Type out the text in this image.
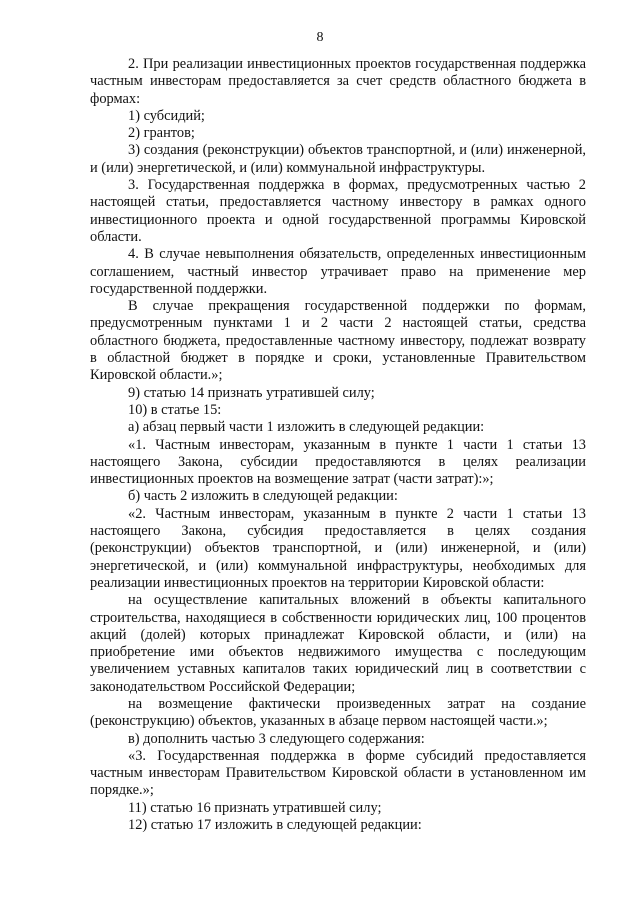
8

2. При реализации инвестиционных проектов государственная поддержка частным инвесторам предоставляется за счет средств областного бюджета в формах:

1) субсидий;

2) грантов;

3) создания (реконструкции) объектов транспортной, и (или) инженерной, и (или) энергетической, и (или) коммунальной инфраструктуры.

3. Государственная поддержка в формах, предусмотренных частью 2 настоящей статьи, предоставляется частному инвестору в рамках одного инвестиционного проекта и одной государственной программы Кировской области.

4. В случае невыполнения обязательств, определенных инвестиционным соглашением, частный инвестор утрачивает право на применение мер государственной поддержки.

В случае прекращения государственной поддержки по формам, предусмотренным пунктами 1 и 2 части 2 настоящей статьи, средства областного бюджета, предоставленные частному инвестору, подлежат возврату в областной бюджет в порядке и сроки, установленные Правительством Кировской области.»;

9) статью 14 признать утратившей силу;

10) в статье 15:

а) абзац первый части 1 изложить в следующей редакции:

«1. Частным инвесторам, указанным в пункте 1 части 1 статьи 13 настоящего Закона, субсидии предоставляются в целях реализации инвестиционных проектов на возмещение затрат (части затрат):»;

б) часть 2 изложить в следующей редакции:

«2. Частным инвесторам, указанным в пункте 2 части 1 статьи 13 настоящего Закона, субсидия предоставляется в целях создания (реконструкции) объектов транспортной, и (или) инженерной, и (или) энергетической, и (или) коммунальной инфраструктуры, необходимых для реализации инвестиционных проектов на территории Кировской области:

на осуществление капитальных вложений в объекты капитального строительства, находящиеся в собственности юридических лиц, 100 процентов акций (долей) которых принадлежат Кировской области, и (или) на приобретение ими объектов недвижимого имущества с последующим увеличением уставных капиталов таких юридический лиц в соответствии с законодательством Российской Федерации;

на возмещение фактически произведенных затрат на создание (реконструкцию) объектов, указанных в абзаце первом настоящей части.»;

в) дополнить частью 3 следующего содержания:

«3. Государственная поддержка в форме субсидий предоставляется частным инвесторам Правительством Кировской области в установленном им порядке.»;

11) статью 16 признать утратившей силу;

12) статью 17 изложить в следующей редакции:
